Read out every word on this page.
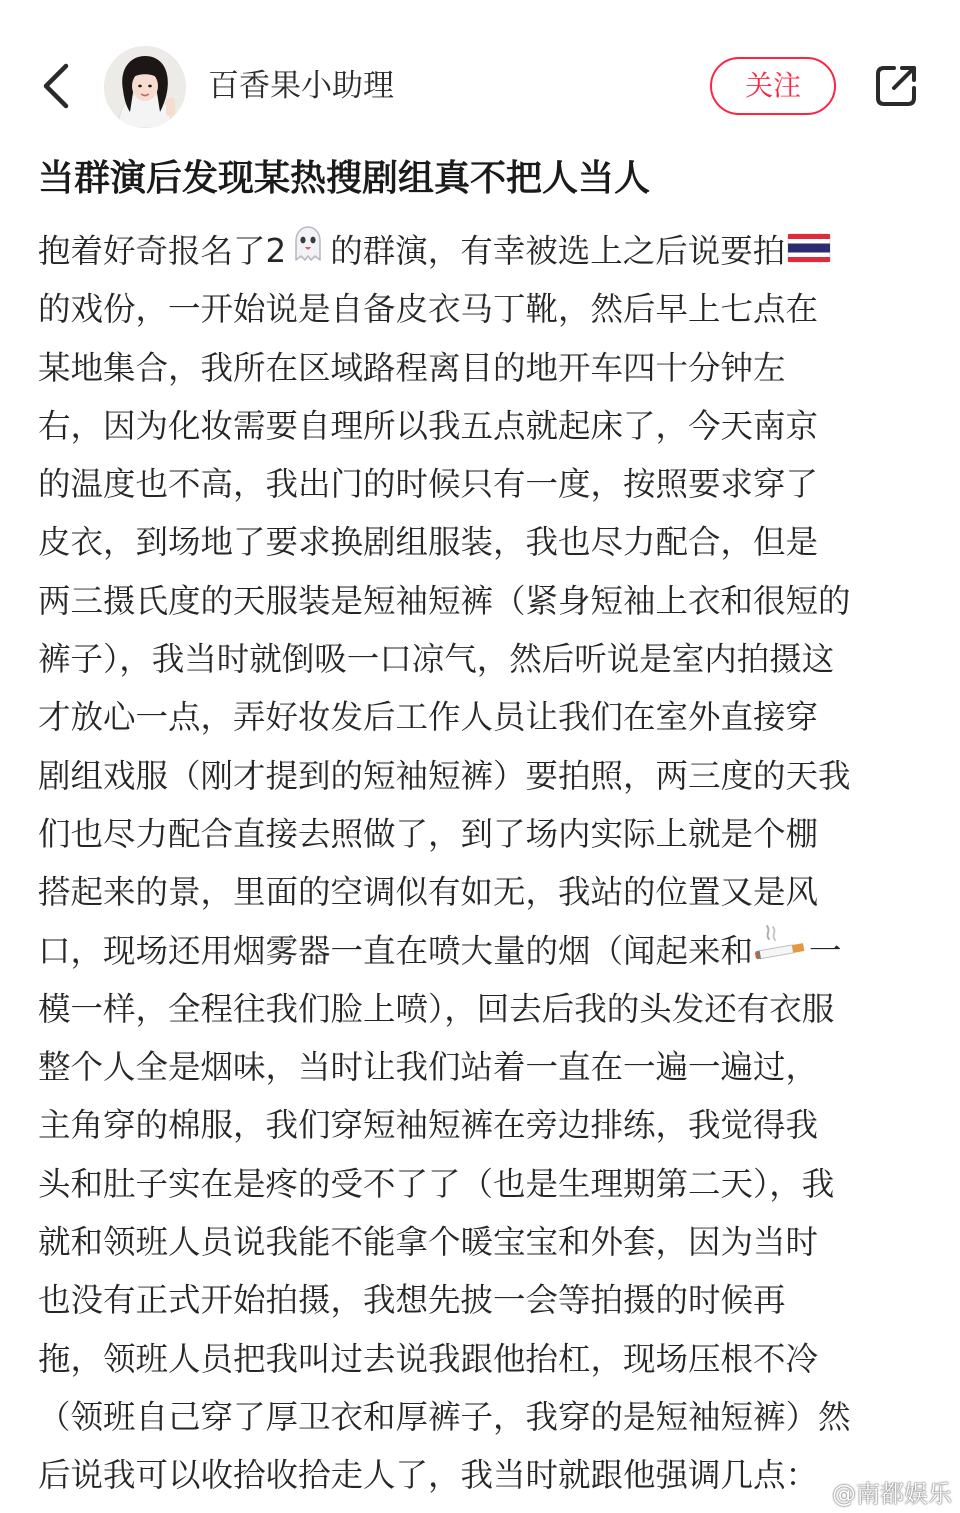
百香果小助理	关注
当群演后发现某热搜剧组真不把人当人
抱着好奇报名了2 的群演，有幸被选上之后说要拍
的戏份，一开始说是自备皮衣马丁靴，然后早上七点在
某地集合，我所在区域路程离目的地开车四十分钟左
右，因为化妆需要自理所以我五点就起床了，今天南京
的温度也不高，我出门的时候只有一度，按照要求穿了
皮衣，到场地了要求换剧组服装，我也尽力配合，但是
两三摄氏度的天服装是短袖短裤（紧身短袖上衣和很短的
裤子），我当时就倒吸一口凉气，然后听说是室内拍摄这
才放心一点，弄好妆发后工作人员让我们在室外直接穿
剧组戏服（刚才提到的短袖短裤）要拍照，两三度的天我
们也尽力配合直接去照做了，到了场内实际上就是个棚
搭起来的景，里面的空调似有如无，我站的位置又是风
口，现场还用烟雾器一直在喷大量的烟（闻起来和 一
模一样，全程往我们脸上喷），回去后我的头发还有衣服
整个人全是烟味，当时让我们站着一直在一遍一遍过，
主角穿的棉服，我们穿短袖短裤在旁边排练，我觉得我
头和肚子实在是疼的受不了了（也是生理期第二天），我
就和领班人员说我能不能拿个暖宝宝和外套，因为当时
也没有正式开始拍摄，我想先披一会等拍摄的时候再
拖，领班人员把我叫过去说我跟他抬杠，现场压根不冷
（领班自己穿了厚卫衣和厚裤子，我穿的是短袖短裤）然
后说我可以收拾收拾走人了，我当时就跟他强调几点： @南都娱乐
